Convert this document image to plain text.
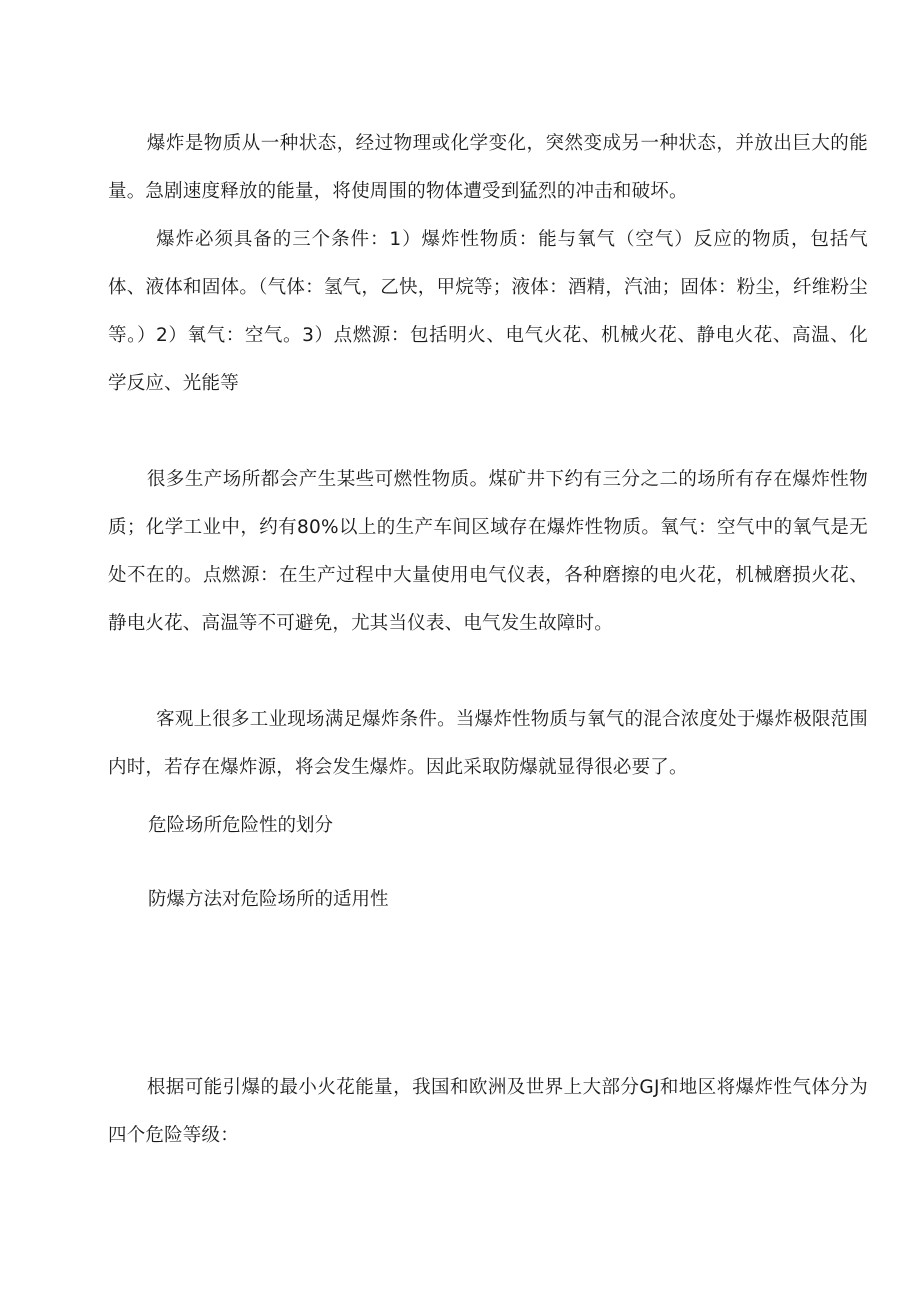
爆炸是物质从一种状态，经过物理或化学变化，突然变成另一种状态，并放出巨大的能量。急剧速度释放的能量，将使周围的物体遭受到猛烈的冲击和破坏。

爆炸必须具备的三个条件：1）爆炸性物质：能与氧气（空气）反应的物质，包括气体、液体和固体。（气体：氢气，乙快，甲烷等；液体：酒精，汽油；固体：粉尘，纤维粉尘等。）2）氧气：空气。3）点燃源：包括明火、电气火花、机械火花、静电火花、高温、化学反应、光能等

很多生产场所都会产生某些可燃性物质。煤矿井下约有三分之二的场所有存在爆炸性物质；化学工业中，约有80%以上的生产车间区域存在爆炸性物质。氧气：空气中的氧气是无处不在的。点燃源：在生产过程中大量使用电气仪表，各种磨擦的电火花，机械磨损火花、静电火花、高温等不可避免，尤其当仪表、电气发生故障时。

客观上很多工业现场满足爆炸条件。当爆炸性物质与氧气的混合浓度处于爆炸极限范围内时，若存在爆炸源，将会发生爆炸。因此采取防爆就显得很必要了。

危险场所危险性的划分

防爆方法对危险场所的适用性

根据可能引爆的最小火花能量，我国和欧洲及世界上大部分GJ和地区将爆炸性气体分为四个危险等级：
